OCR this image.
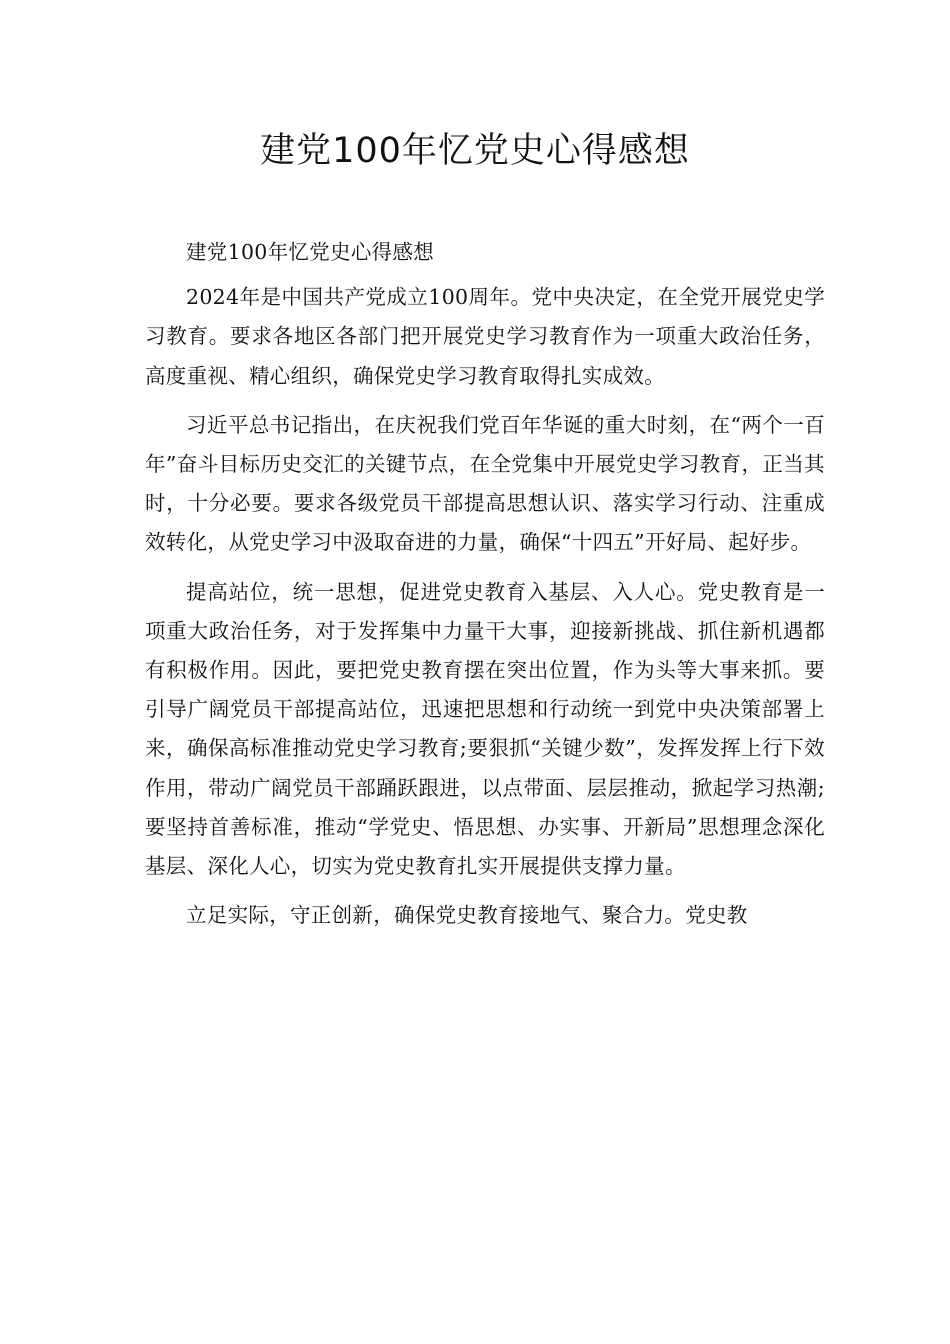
建党100年忆党史心得感想

建党100年忆党史心得感想

2024年是中国共产党成立100周年。党中央决定，在全党开展党史学习教育。要求各地区各部门把开展党史学习教育作为一项重大政治任务，高度重视、精心组织，确保党史学习教育取得扎实成效。

习近平总书记指出，在庆祝我们党百年华诞的重大时刻，在“两个一百年”奋斗目标历史交汇的关键节点，在全党集中开展党史学习教育，正当其时，十分必要。要求各级党员干部提高思想认识、落实学习行动、注重成效转化，从党史学习中汲取奋进的力量，确保“十四五”开好局、起好步。

提高站位，统一思想，促进党史教育入基层、入人心。党史教育是一项重大政治任务，对于发挥集中力量干大事，迎接新挑战、抓住新机遇都有积极作用。因此，要把党史教育摆在突出位置，作为头等大事来抓。要引导广阔党员干部提高站位，迅速把思想和行动统一到党中央决策部署上来，确保高标准推动党史学习教育;要狠抓“关键少数”，发挥发挥上行下效作用，带动广阔党员干部踊跃跟进，以点带面、层层推动，掀起学习热潮;要坚持首善标准，推动“学党史、悟思想、办实事、开新局”思想理念深化基层、深化人心，切实为党史教育扎实开展提供支撑力量。

立足实际，守正创新，确保党史教育接地气、聚合力。党史教
